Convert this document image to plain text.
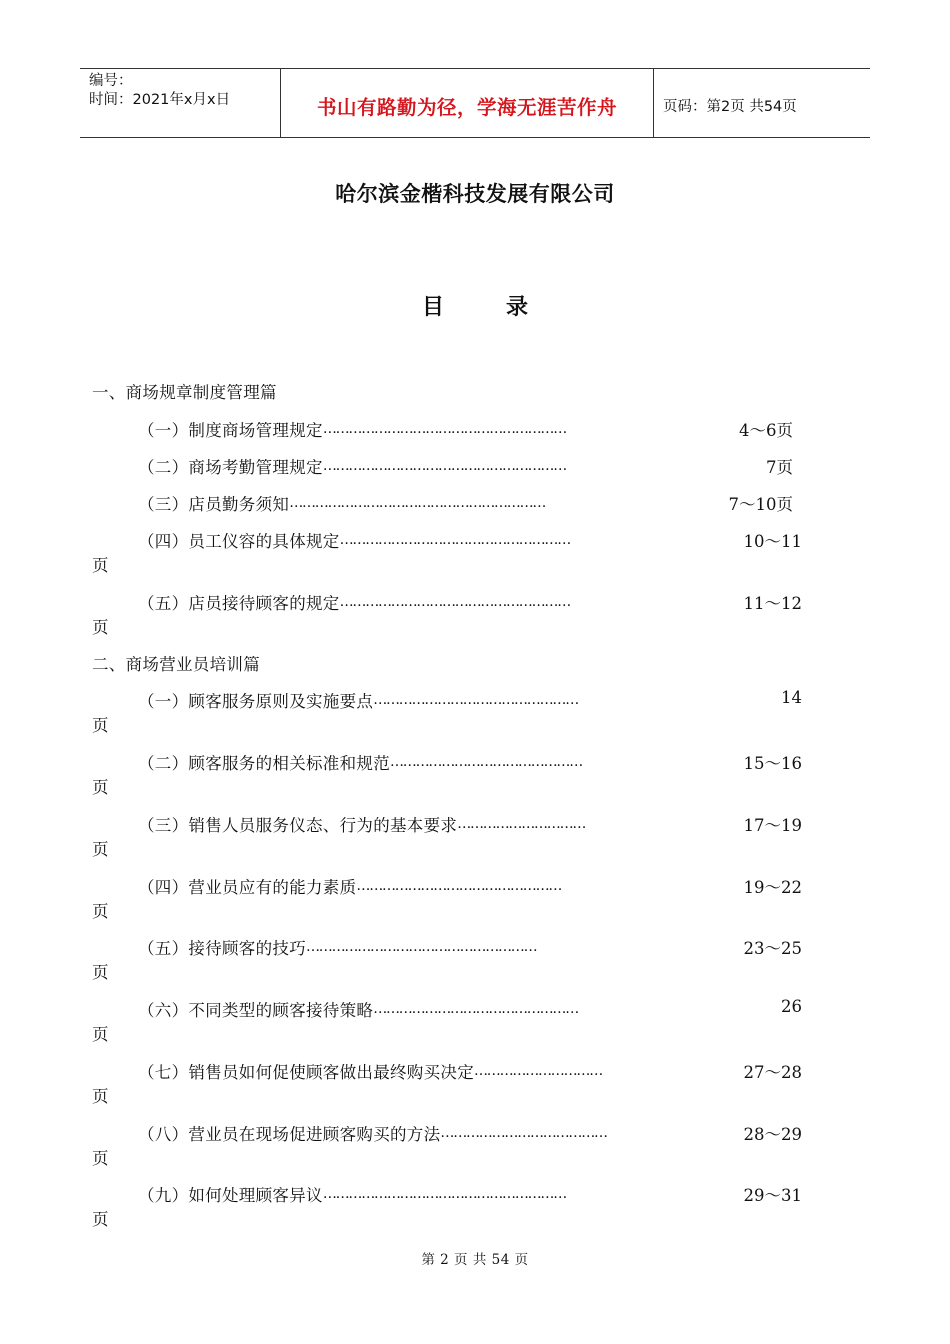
编号：
时间：2021年x月x日	书山有路勤为径，学海无涯苦作舟	页码：第2页 共54页
哈尔滨金楷科技发展有限公司
目	录
一、商场规章制度管理篇
（一）制度商场管理规定…………………………………………………	4～6页
（二）商场考勤管理规定…………………………………………………	7页
（三）店员勤务须知……………………………………………………	7～10页
（四）员工仪容的具体规定………………………………………………	10～11
页
（五）店员接待顾客的规定………………………………………………	11～12
页
二、商场营业员培训篇
（一）顾客服务原则及实施要点…………………………………………	14
页
（二）顾客服务的相关标准和规范………………………………………	15～16
页
（三）销售人员服务仪态、行为的基本要求…………………………	17～19
页
（四）营业员应有的能力素质…………………………………………	19～22
页
（五）接待顾客的技巧………………………………………………	23～25
页
（六）不同类型的顾客接待策略…………………………………………	26
页
（七）销售员如何促使顾客做出最终购买决定…………………………	27～28
页
（八）营业员在现场促进顾客购买的方法…………………………………	28～29
页
（九）如何处理顾客异议…………………………………………………	29～31
页
第 2 页 共 54 页
